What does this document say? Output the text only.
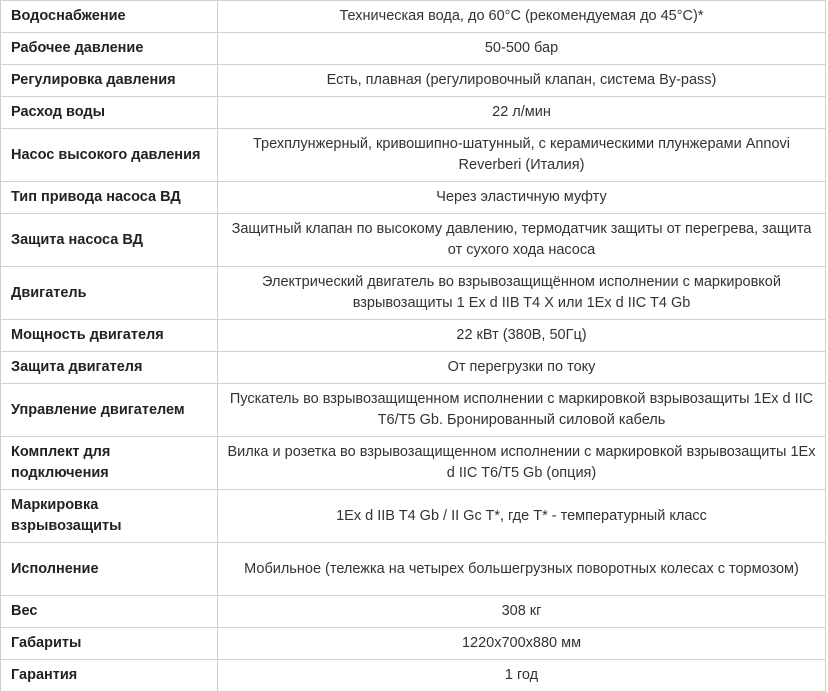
Водоснабжение	Техническая вода, до 60°С (рекомендуемая до 45°С)*
Рабочее давление	50-500 бар
Регулировка давления	Есть, плавная (регулировочный клапан, система By-pass)
Расход воды	22 л/мин
Насос высокого давления	Трехплунжерный, кривошипно-шатунный, с керамическими плунжерами Annovi Reverberi (Италия)
Тип привода насоса ВД	Через эластичную муфту
Защита насоса ВД	Защитный клапан по высокому давлению, термодатчик защиты от перегрева, защита от сухого хода насоса
Двигатель	Электрический двигатель во взрывозащищённом исполнении с маркировкой взрывозащиты 1 Ex d IIB T4 X или 1Ex d IIC T4 Gb
Мощность двигателя	22 кВт (380В, 50Гц)
Защита двигателя	От перегрузки по току
Управление двигателем	Пускатель во взрывозащищенном исполнении с маркировкой взрывозащиты 1Ex d IIC T6/T5 Gb. Бронированный силовой кабель
Комплект для подключения	Вилка и розетка во взрывозащищенном исполнении с маркировкой взрывозащиты 1Ex d IIC T6/T5 Gb (опция)
Маркировка взрывозащиты	1Ex d IIB T4 Gb / II Gc T*, где Т* - температурный класс
Исполнение	Мобильное (тележка на четырех большегрузных поворотных колесах с тормозом)
Вес	308 кг
Габариты	1220х700х880 мм
Гарантия	1 год
